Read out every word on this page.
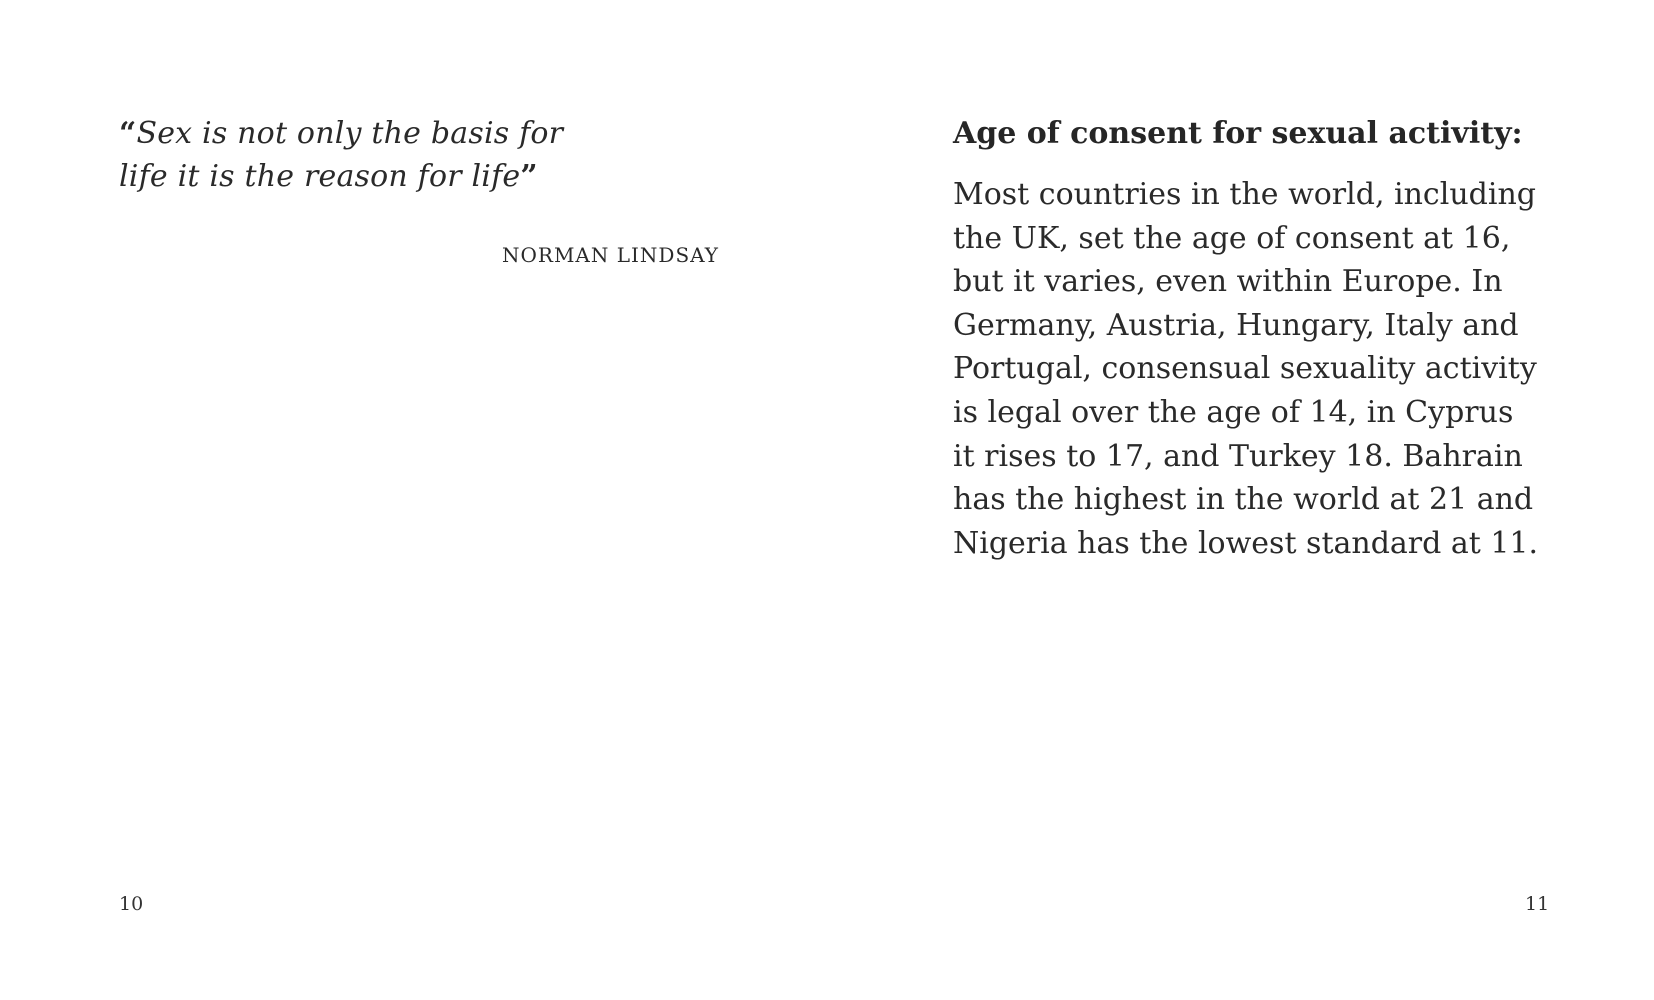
“Sex is not only the basis for
life it is the reason for life”

NORMAN LINDSAY

10

Age of consent for sexual activity:

Most countries in the world, including
the UK, set the age of consent at 16,
but it varies, even within Europe. In
Germany, Austria, Hungary, Italy and
Portugal, consensual sexuality activity
is legal over the age of 14, in Cyprus
it rises to 17, and Turkey 18. Bahrain
has the highest in the world at 21 and
Nigeria has the lowest standard at 11.

11
